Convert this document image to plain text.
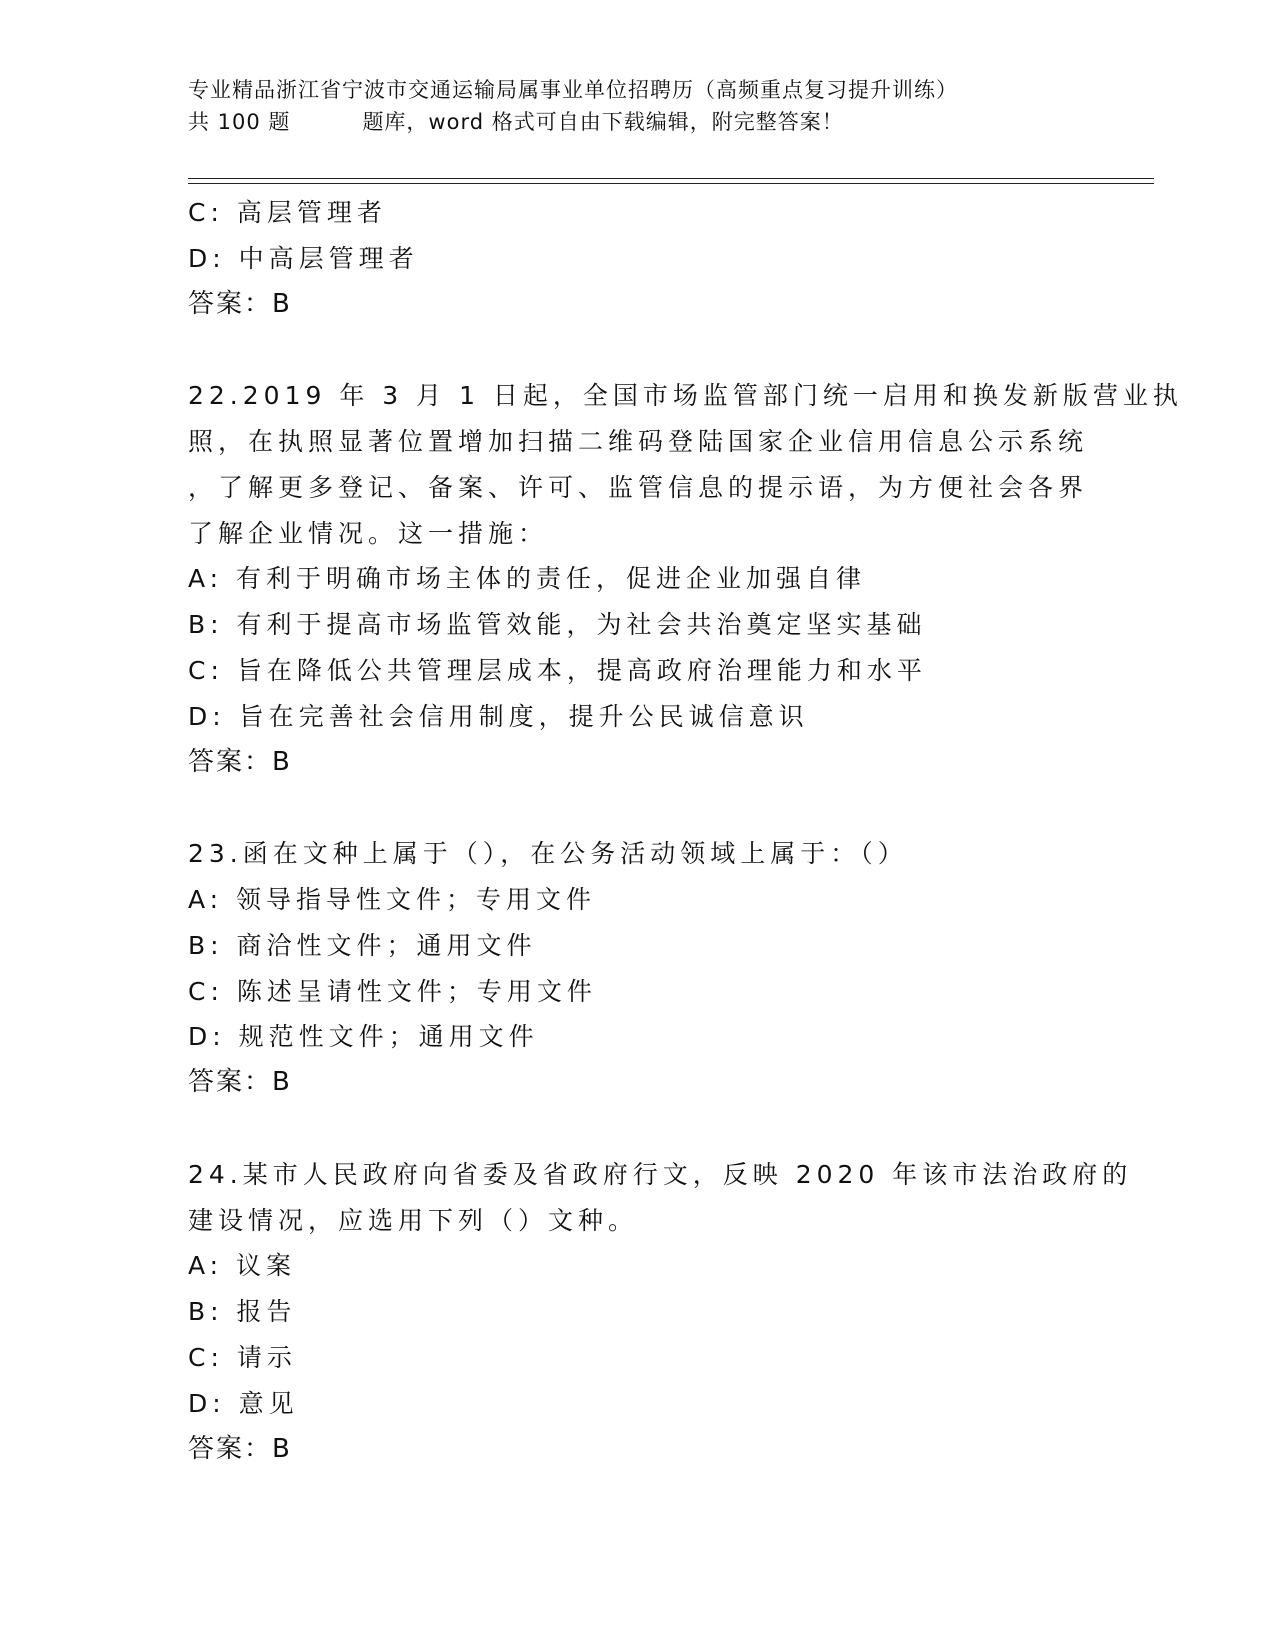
专业精品浙江省宁波市交通运输局属事业单位招聘历（高频重点复习提升训练）
共 100 题	题库，word 格式可自由下载编辑，附完整答案！
C: 高层管理者
D: 中高层管理者
答案：B
22.2019 年 3 月 1 日起，全国市场监管部门统一启用和换发新版营业执
照，在执照显著位置增加扫描二维码登陆国家企业信用信息公示系统
，了解更多登记、备案、许可、监管信息的提示语，为方便社会各界
了解企业情况。这一措施：
A: 有利于明确市场主体的责任，促进企业加强自律
B: 有利于提高市场监管效能，为社会共治奠定坚实基础
C: 旨在降低公共管理层成本，提高政府治理能力和水平
D: 旨在完善社会信用制度，提升公民诚信意识
答案：B
23.函在文种上属于（），在公务活动领域上属于：（）
A: 领导指导性文件；专用文件
B: 商洽性文件；通用文件
C: 陈述呈请性文件；专用文件
D: 规范性文件；通用文件
答案：B
24.某市人民政府向省委及省政府行文，反映 2020 年该市法治政府的
建设情况，应选用下列（）文种。
A: 议案
B: 报告
C: 请示
D: 意见
答案：B
